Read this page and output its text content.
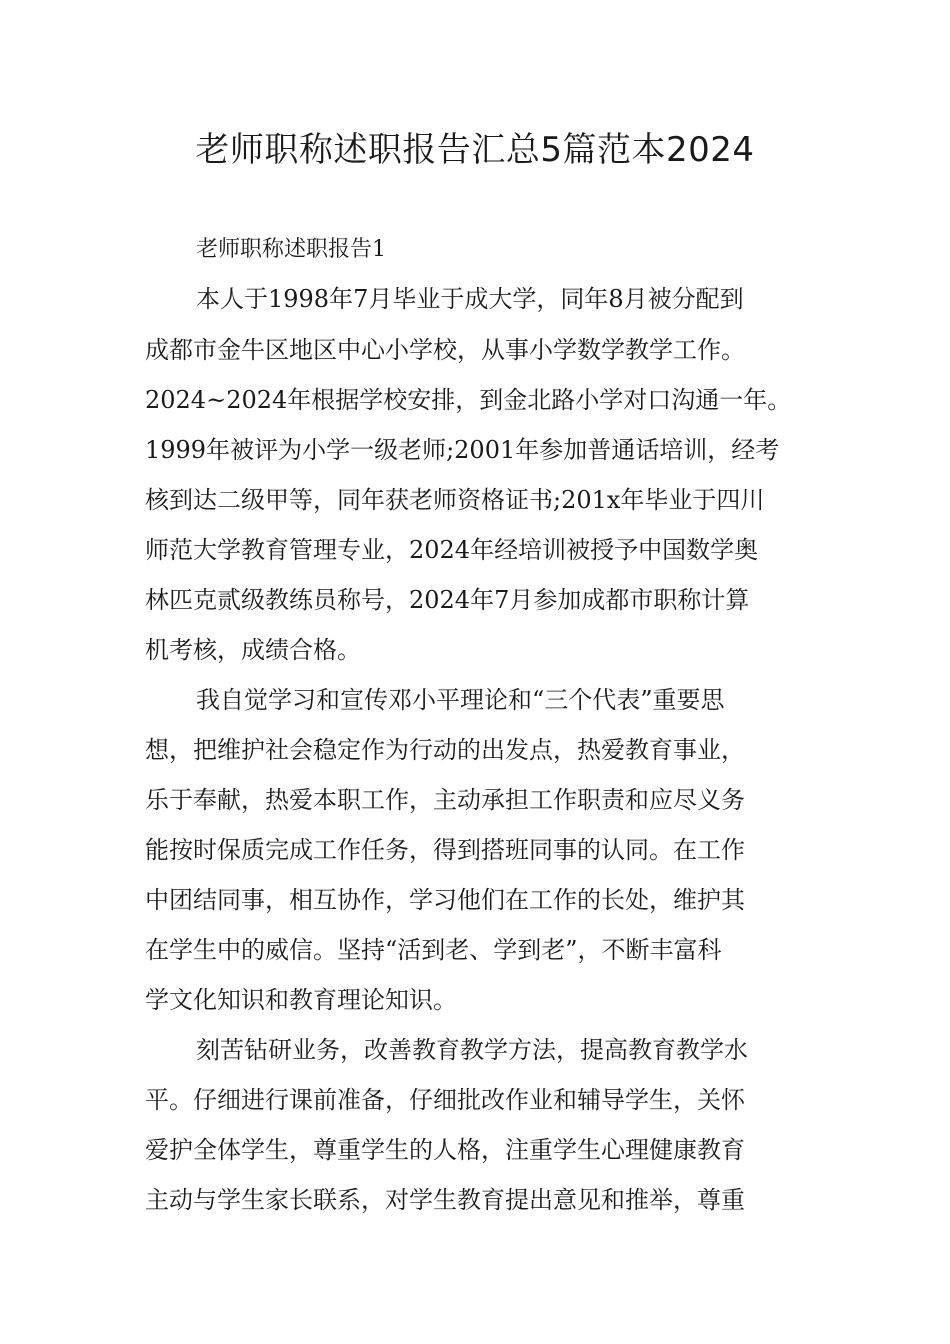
老师职称述职报告汇总5篇范本2024
老师职称述职报告1
本人于1998年7月毕业于成大学，同年8月被分配到
成都市金牛区地区中心小学校，从事小学数学教学工作。
2024~2024年根据学校安排，到金北路小学对口沟通一年。
1999年被评为小学一级老师;2001年参加普通话培训，经考
核到达二级甲等，同年获老师资格证书;201x年毕业于四川
师范大学教育管理专业，2024年经培训被授予中国数学奥
林匹克贰级教练员称号，2024年7月参加成都市职称计算
机考核，成绩合格。
我自觉学习和宣传邓小平理论和“三个代表”重要思
想，把维护社会稳定作为行动的出发点，热爱教育事业，
乐于奉献，热爱本职工作，主动承担工作职责和应尽义务
能按时保质完成工作任务，得到搭班同事的认同。在工作
中团结同事，相互协作，学习他们在工作的长处，维护其
在学生中的威信。坚持“活到老、学到老”，不断丰富科
学文化知识和教育理论知识。
刻苦钻研业务，改善教育教学方法，提高教育教学水
平。仔细进行课前准备，仔细批改作业和辅导学生，关怀
爱护全体学生，尊重学生的人格，注重学生心理健康教育
主动与学生家长联系，对学生教育提出意见和推举，尊重
